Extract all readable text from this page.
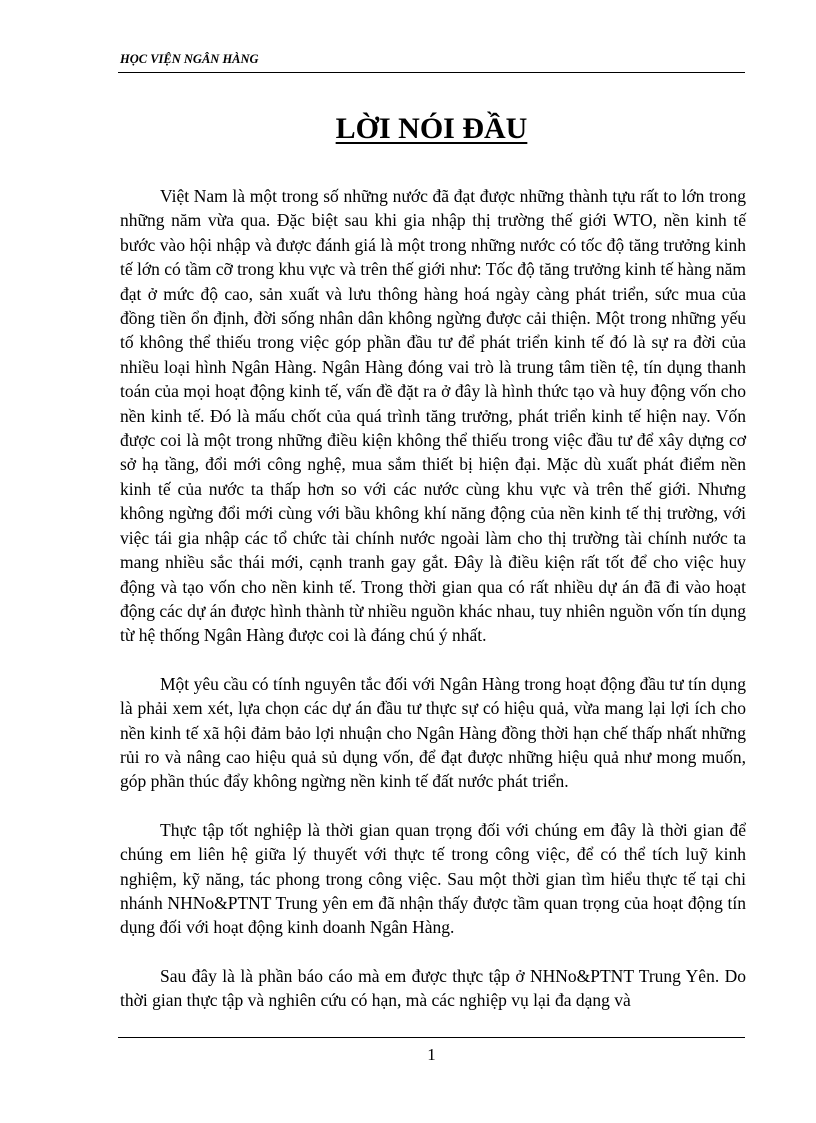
HỌC VIỆN NGÂN HÀNG
LỜI NÓI ĐẦU

Việt Nam là một trong số những nước đã đạt được những thành tựu rất to lớn trong những năm vừa qua. Đặc biệt sau khi gia nhập thị trường thế giới WTO, nền kinh tế bước vào hội nhập và được đánh giá là một trong những nước có tốc độ tăng trưởng kinh tế lớn có tầm cỡ trong khu vực và trên thế giới như: Tốc độ tăng trưởng kinh tế hàng năm đạt ở mức độ cao, sản xuất và lưu thông hàng hoá ngày càng phát triển, sức mua của đồng tiền ổn định, đời sống nhân dân không ngừng được cải thiện. Một trong những yếu tố không thể thiếu trong việc góp phần đầu tư để phát triển kinh tế đó là sự ra đời của nhiều loại hình Ngân Hàng. Ngân Hàng đóng vai trò là trung tâm tiền tệ, tín dụng thanh toán của mọi hoạt động kinh tế, vấn đề đặt ra ở đây là hình thức tạo và huy động vốn cho nền kinh tế. Đó là mấu chốt của quá trình tăng trưởng, phát triển kinh tế hiện nay. Vốn được coi là một trong những điều kiện không thể thiếu trong việc đầu tư để xây dựng cơ sở hạ tầng, đổi mới công nghệ, mua sắm thiết bị hiện đại. Mặc dù xuất phát điểm nền kinh tế của nước ta thấp hơn so với các nước cùng khu vực và trên thế giới. Nhưng không ngừng đổi mới cùng với bầu không khí năng động của nền kinh tế thị trường, với việc tái gia nhập các tổ chức tài chính nước ngoài làm cho thị trường tài chính nước ta mang nhiều sắc thái mới, cạnh tranh gay gắt. Đây là điều kiện rất tốt để cho việc huy động và tạo vốn cho nền kinh tế. Trong thời gian qua có rất nhiều dự án đã đi vào hoạt động các dự án được hình thành từ nhiều nguồn khác nhau, tuy nhiên nguồn vốn tín dụng từ hệ thống Ngân Hàng được coi là đáng chú ý nhất.

Một yêu cầu có tính nguyên tắc đối với Ngân Hàng trong hoạt động đầu tư tín dụng là phải xem xét, lựa chọn các dự án đầu tư thực sự có hiệu quả, vừa mang lại lợi ích cho nền kinh tế xã hội đảm bảo lợi nhuận cho Ngân Hàng đồng thời hạn chế thấp nhất những rủi ro và nâng cao hiệu quả sủ dụng vốn, để đạt được những hiệu quả như mong muốn, góp phần thúc đẩy không ngừng nền kinh tế đất nước phát triển.

Thực tập tốt nghiệp là thời gian quan trọng đối với chúng em đây là thời gian để chúng em liên hệ giữa lý thuyết với thực tế trong công việc, để có thể tích luỹ kinh nghiệm, kỹ năng, tác phong trong công việc. Sau một thời gian tìm hiểu thực tế tại chi nhánh NHNo&PTNT Trung yên em đã nhận thấy được tầm quan trọng của hoạt động tín dụng đối với hoạt động kinh doanh Ngân Hàng.

Sau đây là là phần báo cáo mà em được thực tập ở NHNo&PTNT Trung Yên. Do thời gian thực tập và nghiên cứu có hạn, mà các nghiệp vụ lại đa dạng và

1
